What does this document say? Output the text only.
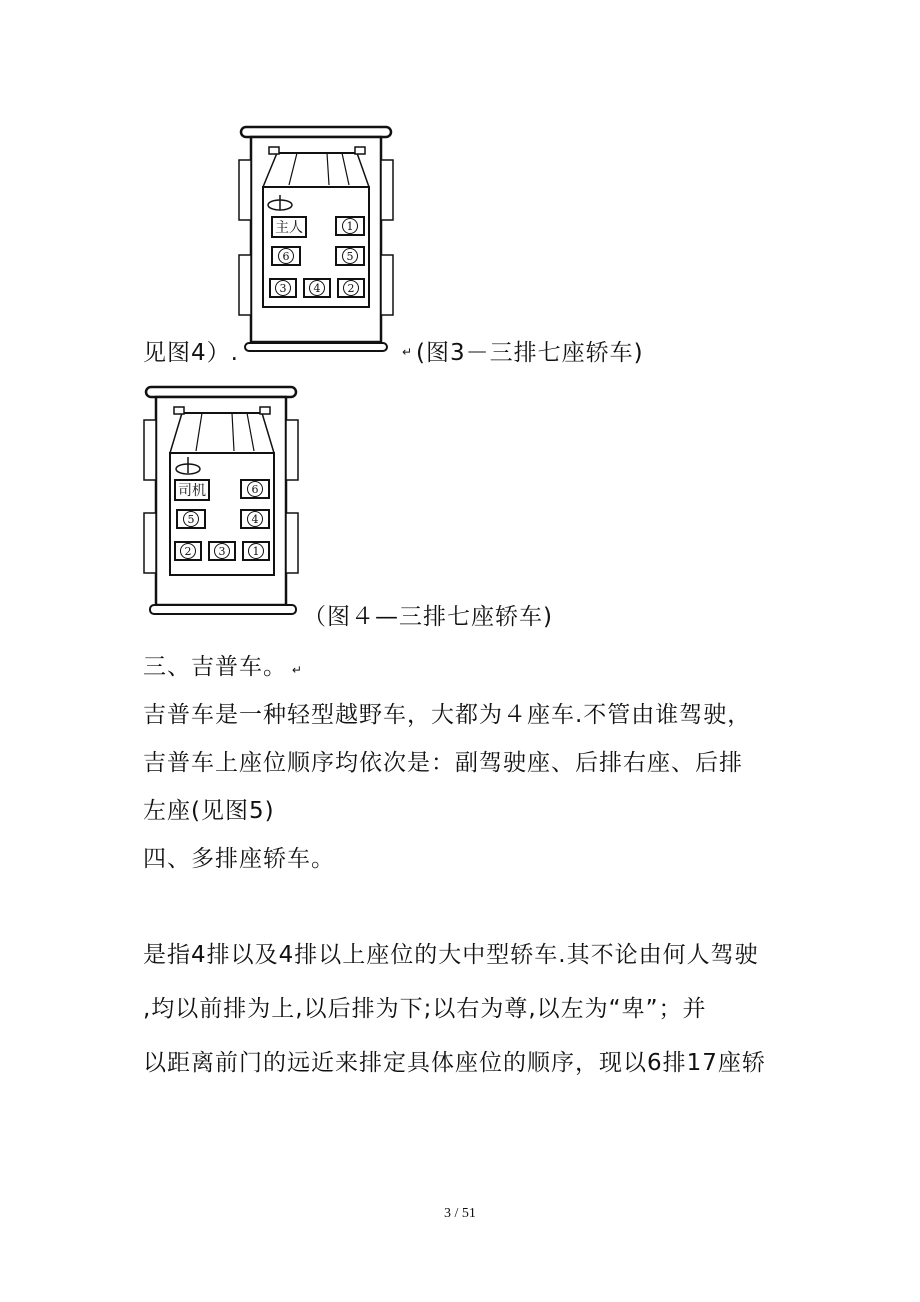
主人	1
6	5
3	4	2
见图4）.	↵ (图3－三排七座轿车)
司机	6
5	4
2	3	1
（图４—三排七座轿车)
三、吉普车。 ↵
吉普车是一种轻型越野车，大都为４座车.不管由谁驾驶，
吉普车上座位顺序均依次是：副驾驶座、后排右座、后排
左座(见图5)
四、多排座轿车。
是指4排以及4排以上座位的大中型轿车.其不论由何人驾驶
,均以前排为上,以后排为下;以右为尊,以左为“卑”；并
以距离前门的远近来排定具体座位的顺序，现以6排17座轿
3 / 51
